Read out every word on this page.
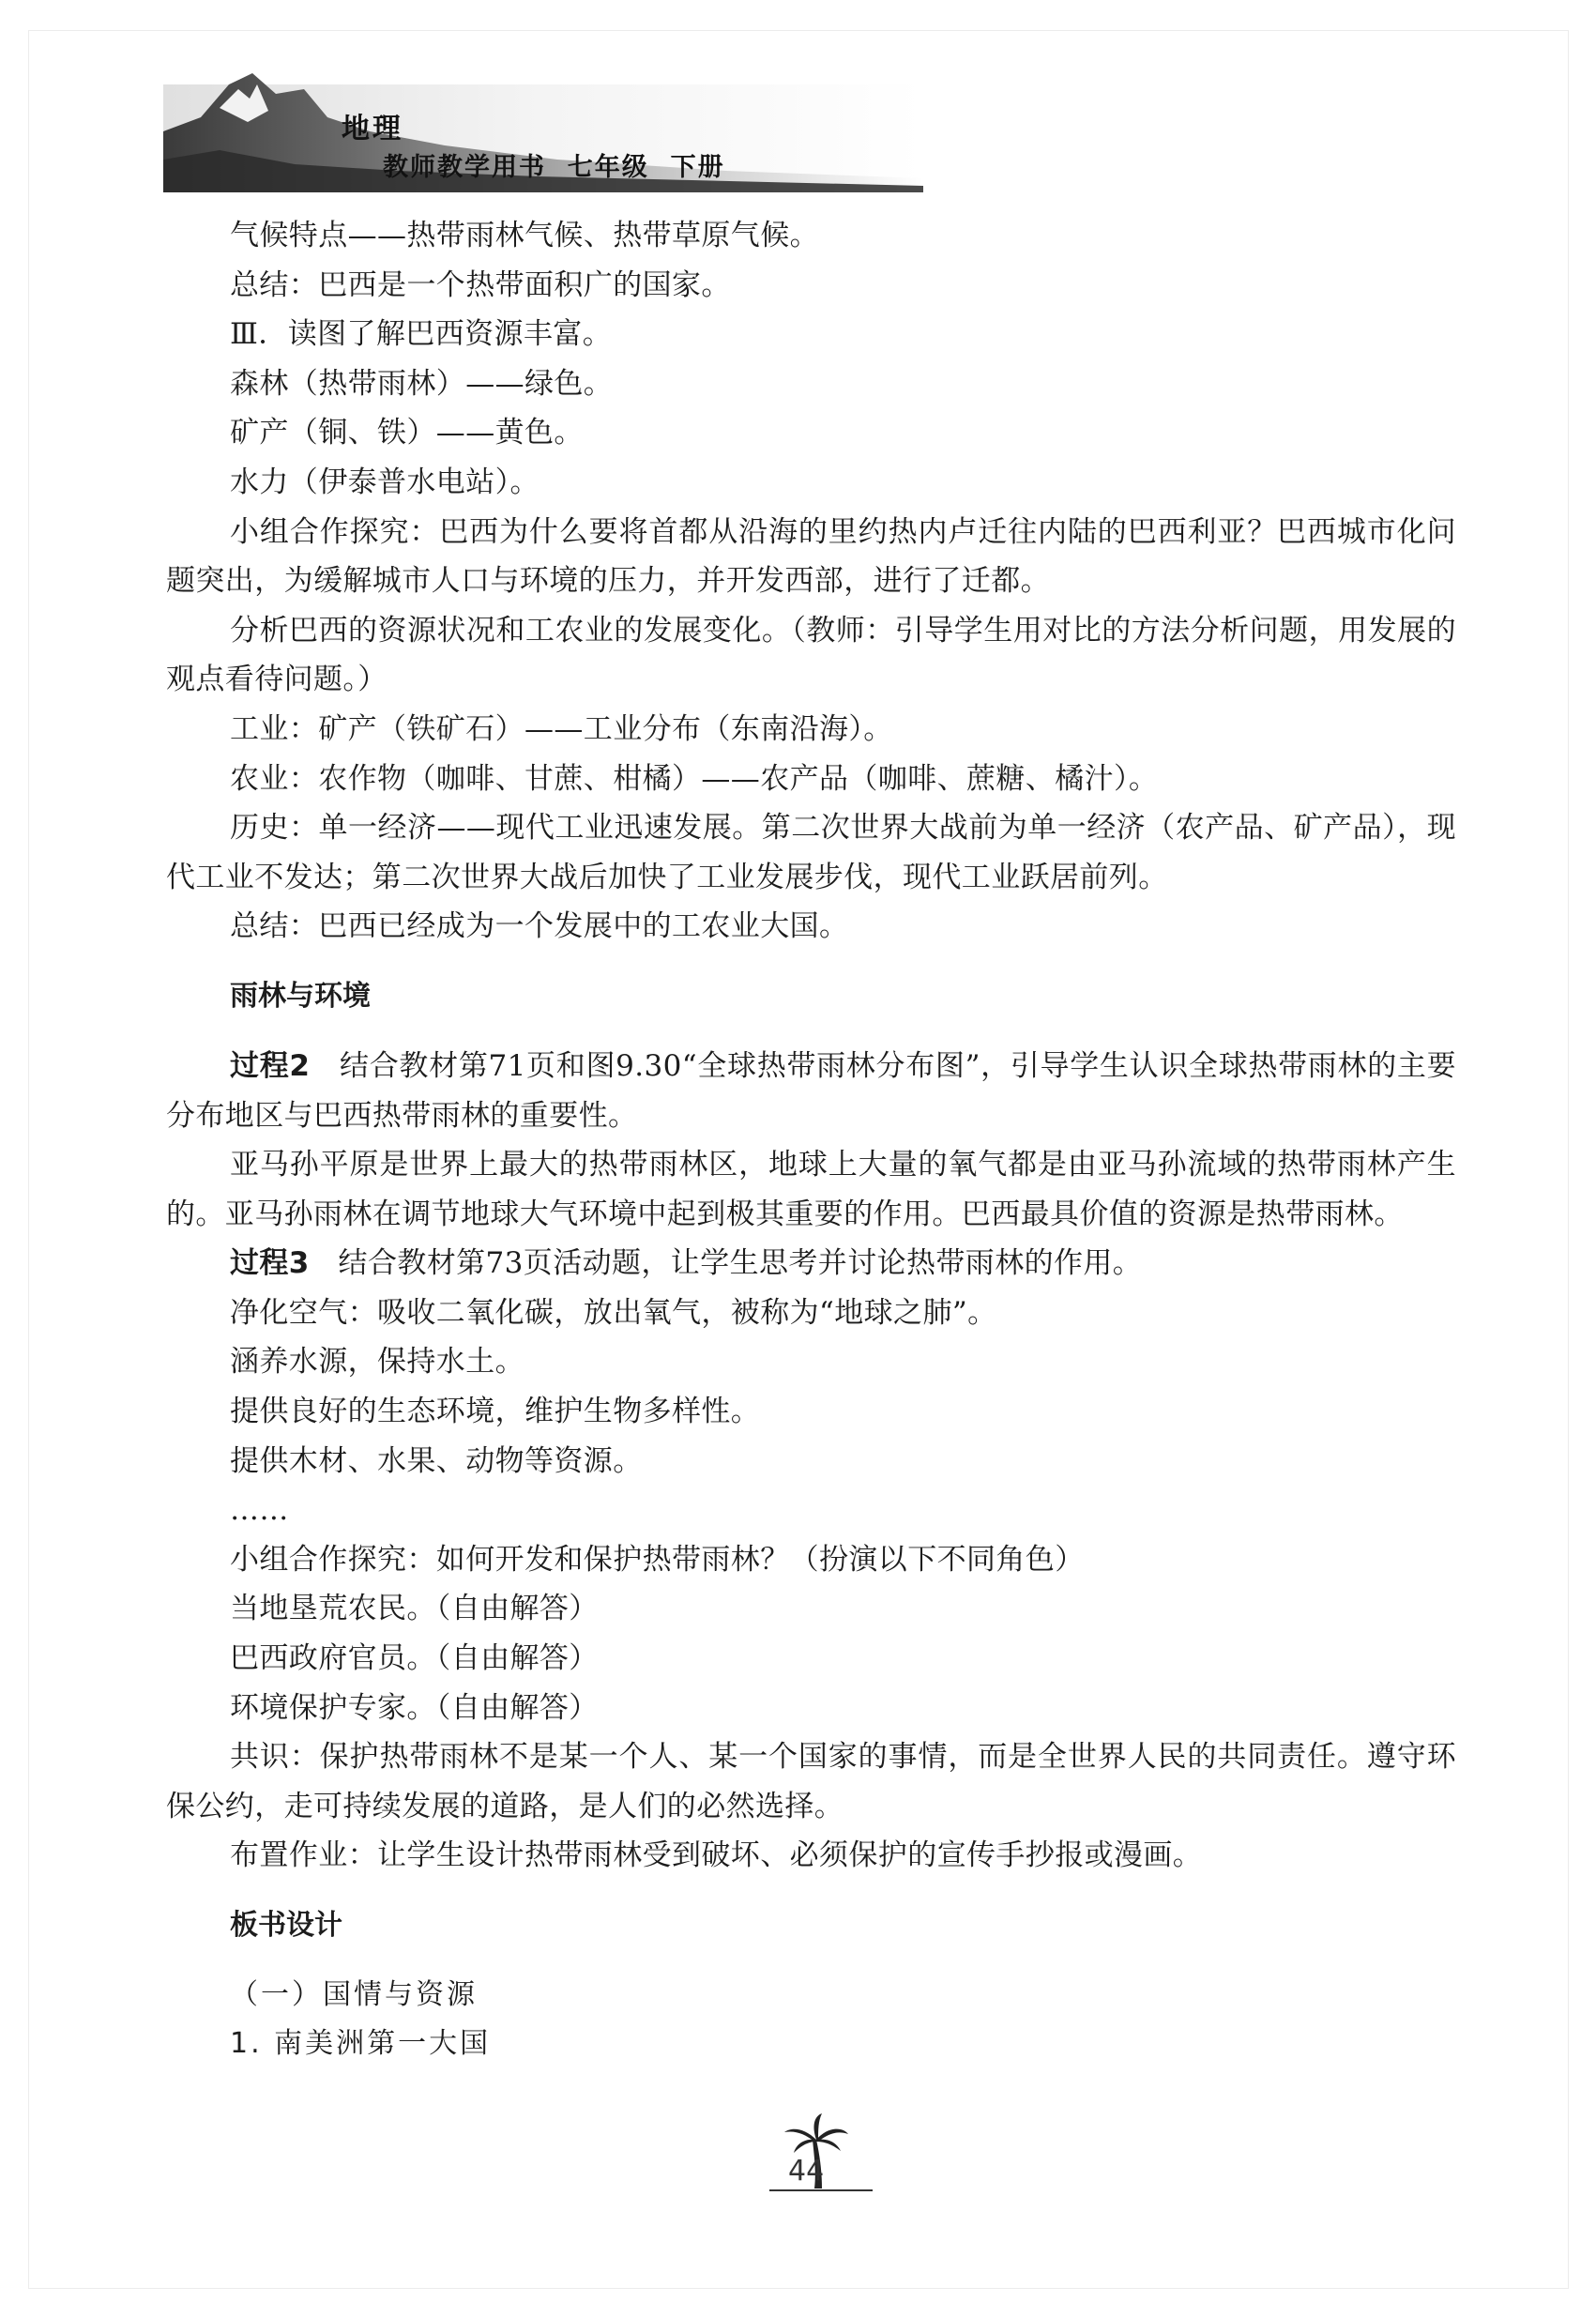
地理
教师教学用书  七年级  下册

气候特点——热带雨林气候、热带草原气候。

总结：巴西是一个热带面积广的国家。

Ⅲ．读图了解巴西资源丰富。

森林（热带雨林）——绿色。

矿产（铜、铁）——黄色。

水力（伊泰普水电站）。

小组合作探究：巴西为什么要将首都从沿海的里约热内卢迁往内陆的巴西利亚？巴西城市化问题突出，为缓解城市人口与环境的压力，并开发西部，进行了迁都。

分析巴西的资源状况和工农业的发展变化。（教师：引导学生用对比的方法分析问题，用发展的观点看待问题。）

工业：矿产（铁矿石）——工业分布（东南沿海）。

农业：农作物（咖啡、甘蔗、柑橘）——农产品（咖啡、蔗糖、橘汁）。

历史：单一经济——现代工业迅速发展。第二次世界大战前为单一经济（农产品、矿产品），现代工业不发达；第二次世界大战后加快了工业发展步伐，现代工业跃居前列。

总结：巴西已经成为一个发展中的工农业大国。

雨林与环境

过程2 结合教材第71页和图9.30“全球热带雨林分布图”，引导学生认识全球热带雨林的主要分布地区与巴西热带雨林的重要性。

亚马孙平原是世界上最大的热带雨林区，地球上大量的氧气都是由亚马孙流域的热带雨林产生的。亚马孙雨林在调节地球大气环境中起到极其重要的作用。巴西最具价值的资源是热带雨林。

过程3 结合教材第73页活动题，让学生思考并讨论热带雨林的作用。

净化空气：吸收二氧化碳，放出氧气，被称为“地球之肺”。

涵养水源，保持水土。

提供良好的生态环境，维护生物多样性。

提供木材、水果、动物等资源。

……

小组合作探究：如何开发和保护热带雨林？（扮演以下不同角色）

当地垦荒农民。（自由解答）

巴西政府官员。（自由解答）

环境保护专家。（自由解答）

共识：保护热带雨林不是某一个人、某一个国家的事情，而是全世界人民的共同责任。遵守环保公约，走可持续发展的道路，是人们的必然选择。

布置作业：让学生设计热带雨林受到破坏、必须保护的宣传手抄报或漫画。

板书设计
（一）国情与资源
1. 南美洲第一大国
44
